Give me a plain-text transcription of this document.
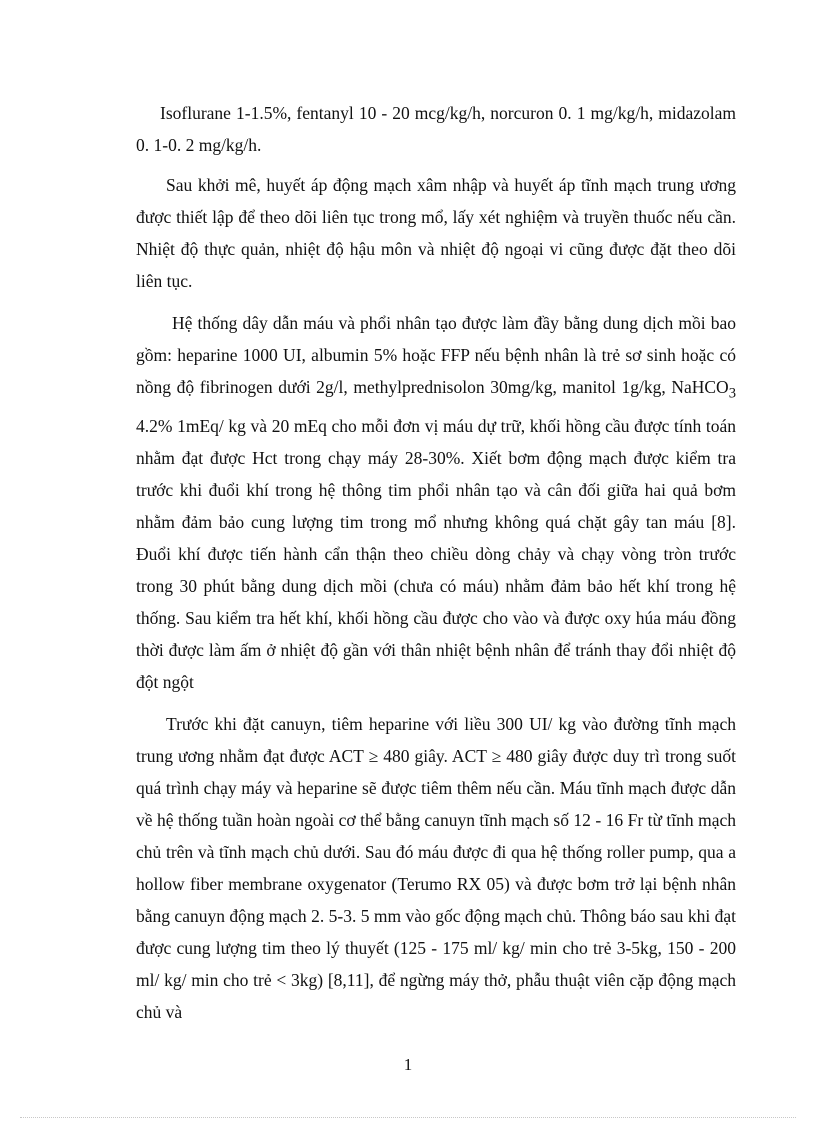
Isoflurane 1-1.5%, fentanyl 10 - 20 mcg/kg/h, norcuron 0. 1 mg/kg/h, midazolam 0. 1-0. 2 mg/kg/h.

Sau khởi mê, huyết áp động mạch xâm nhập và huyết áp tĩnh mạch trung ương được thiết lập để theo dõi liên tục trong mổ, lấy xét nghiệm và truyền thuốc nếu cần. Nhiệt độ thực quản, nhiệt độ hậu môn và nhiệt độ ngoại vi cũng được đặt theo dõi liên tục.

Hệ thống dây dẫn máu và phổi nhân tạo được làm đầy bằng dung dịch mồi bao gồm: heparine 1000 UI, albumin 5% hoặc FFP nếu bệnh nhân là trẻ sơ sinh hoặc có nồng độ fibrinogen dưới 2g/l, methylprednisolon 30mg/kg, manitol 1g/kg, NaHCO$_3$ 4.2% 1mEq/ kg và 20 mEq cho mỗi đơn vị máu dự trữ, khối hồng cầu được tính toán nhằm đạt được Hct trong chạy máy 28-30%. Xiết bơm động mạch được kiểm tra trước khi đuổi khí trong hệ thông tim phổi nhân tạo và cân đối giữa hai quả bơm nhằm đảm bảo cung lượng tim trong mổ nhưng không quá chặt gây tan máu [8]. Đuổi khí được tiến hành cẩn thận theo chiều dòng chảy và chạy vòng tròn trước trong 30 phút bằng dung dịch mồi (chưa có máu) nhằm đảm bảo hết khí trong hệ thống. Sau kiểm tra hết khí, khối hồng cầu được cho vào và được oxy húa máu đồng thời được làm ấm ở nhiệt độ gần với thân nhiệt bệnh nhân để tránh thay đổi nhiệt độ đột ngột

Trước khi đặt canuyn, tiêm heparine với liều 300 UI/ kg vào đường tĩnh mạch trung ương nhằm đạt được ACT ≥ 480 giây. ACT ≥ 480 giây được duy trì trong suốt quá trình chạy máy và heparine sẽ được tiêm thêm nếu cần. Máu tĩnh mạch được dẫn về hệ thống tuần hoàn ngoài cơ thể bằng canuyn tĩnh mạch số 12 - 16 Fr từ tĩnh mạch chủ trên và tĩnh mạch chủ dưới. Sau đó máu được đi qua hệ thống roller pump, qua a hollow fiber membrane oxygenator (Terumo RX 05) và được bơm trở lại bệnh nhân bằng canuyn động mạch 2. 5-3. 5 mm vào gốc động mạch chủ. Thông báo sau khi đạt được cung lượng tim theo lý thuyết (125 - 175 ml/ kg/ min cho trẻ 3-5kg, 150 - 200 ml/ kg/ min cho trẻ < 3kg) [8,11], để ngừng máy thở, phẫu thuật viên cặp động mạch chủ và

1
